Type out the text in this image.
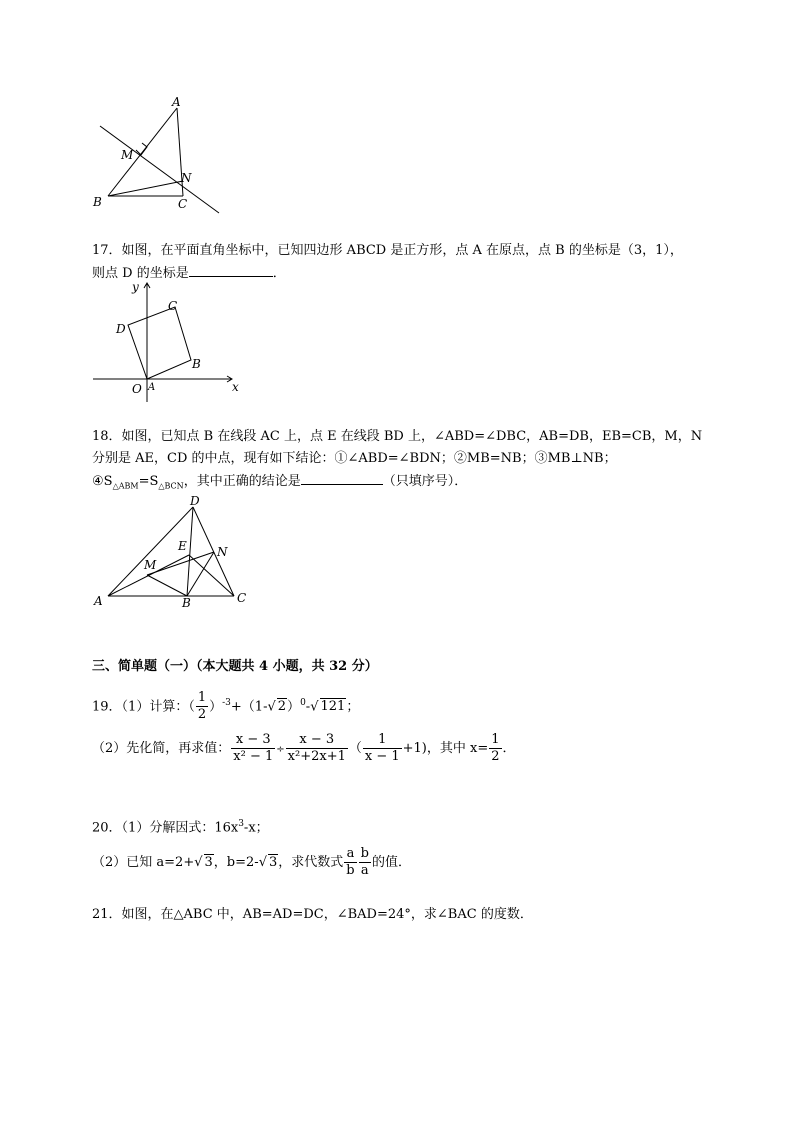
A
M
N
B	C
17．如图，在平面直角坐标中，已知四边形 ABCD 是正方形，点 A 在原点，点 B 的坐标是（3，1），
则点 D 的坐标是	．
y
x
O A
B
C
D
18．如图，已知点 B 在线段 AC 上，点 E 在线段 BD 上，∠ABD=∠DBC，AB=DB，EB=CB，M，N
分别是 AE，CD 的中点，现有如下结论：①∠ABD=∠BDN；②MB=NB；③MB⊥NB；
$④S_{\triangle ABM}=S_{\triangle BCN}$，其中正确的结论是	（只填序号）．
D
E	N
M
A	B	C
三、简单题（一）（本大题共 4 小题，共 32 分）
19．（1）计算：（ $\frac{1}{2} )^{-3}+(1-√$ 2）$^0$-√ 121；
（2）先化简，再求值： $\frac{x - 3}{\text{x² − 1}} \div \frac{x - 3}{\text{x²+2x+1}}$ （ $\frac{1}{x - 1} +1$)，其中 $x= \frac{1}{2}$ ．
20．（1）分解因式：$16x^3-x$；
（2）已知 a=2+√ 3，b=2-√ 3，求代数式 $\frac{a}{b} \frac{b}{a}$ 的值．
21．如图，在△ABC 中，AB=AD=DC，∠BAD=24°，求∠BAC 的度数．
